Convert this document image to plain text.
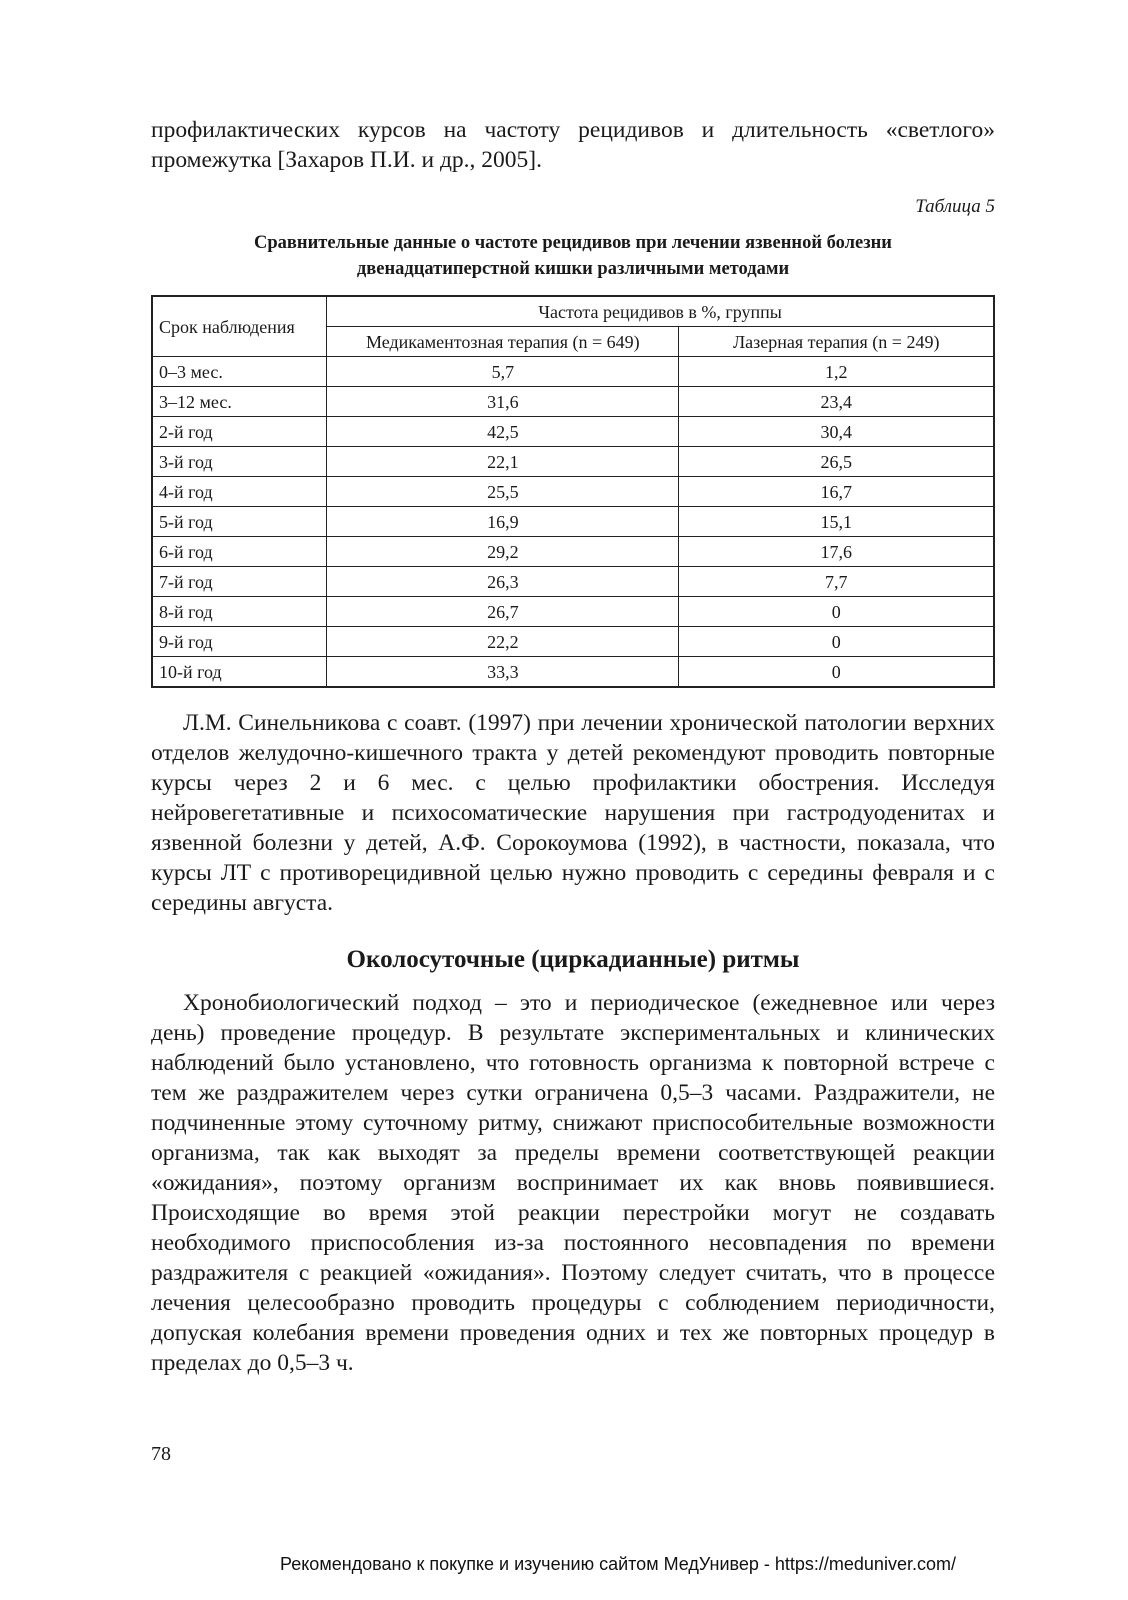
профилактических курсов на частоту рецидивов и длительность «светлого» промежутка [Захаров П.И. и др., 2005].

Таблица 5
Сравнительные данные о частоте рецидивов при лечении язвенной болезни
двенадцатиперстной кишки различными методами
Срок наблюдения	Частота рецидивов в %, группы	
	Медикаментозная терапия (n = 649)	Лазерная терапия (n = 249)
0–3 мес.	5,7	1,2
3–12 мес.	31,6	23,4
2-й год	42,5	30,4
3-й год	22,1	26,5
4-й год	25,5	16,7
5-й год	16,9	15,1
6-й год	29,2	17,6
7-й год	26,3	7,7
8-й год	26,7	0
9-й год	22,2	0
10-й год	33,3	0

Л.М. Синельникова с соавт. (1997) при лечении хронической патологии верхних отделов желудочно-кишечного тракта у детей рекомендуют проводить повторные курсы через 2 и 6 мес. с целью профилактики обострения. Исследуя нейровегетативные и психосоматические нарушения при гастродуоденитах и язвенной болезни у детей, А.Ф. Сорокоумова (1992), в частности, показала, что курсы ЛТ с противорецидивной целью нужно проводить с середины февраля и с середины августа.

Околосуточные (циркадианные) ритмы

Хронобиологический подход – это и периодическое (ежедневное или через день) проведение процедур. В результате экспериментальных и клинических наблюдений было установлено, что готовность организма к повторной встрече с тем же раздражителем через сутки ограничена 0,5–3 часами. Раздражители, не подчиненные этому суточному ритму, снижают приспособительные возможности организма, так как выходят за пределы времени соответствующей реакции «ожидания», поэтому организм воспринимает их как вновь появившиеся. Происходящие во время этой реакции перестройки могут не создавать необходимого приспособления из-за постоянного несовпадения по времени раздражителя с реакцией «ожидания». Поэтому следует считать, что в процессе лечения целесообразно проводить процедуры с соблюдением периодичности, допуская колебания времени проведения одних и тех же повторных процедур в пределах до 0,5–3 ч.

78
Рекомендовано к покупке и изучению сайтом МедУнивер - https://meduniver.com/
